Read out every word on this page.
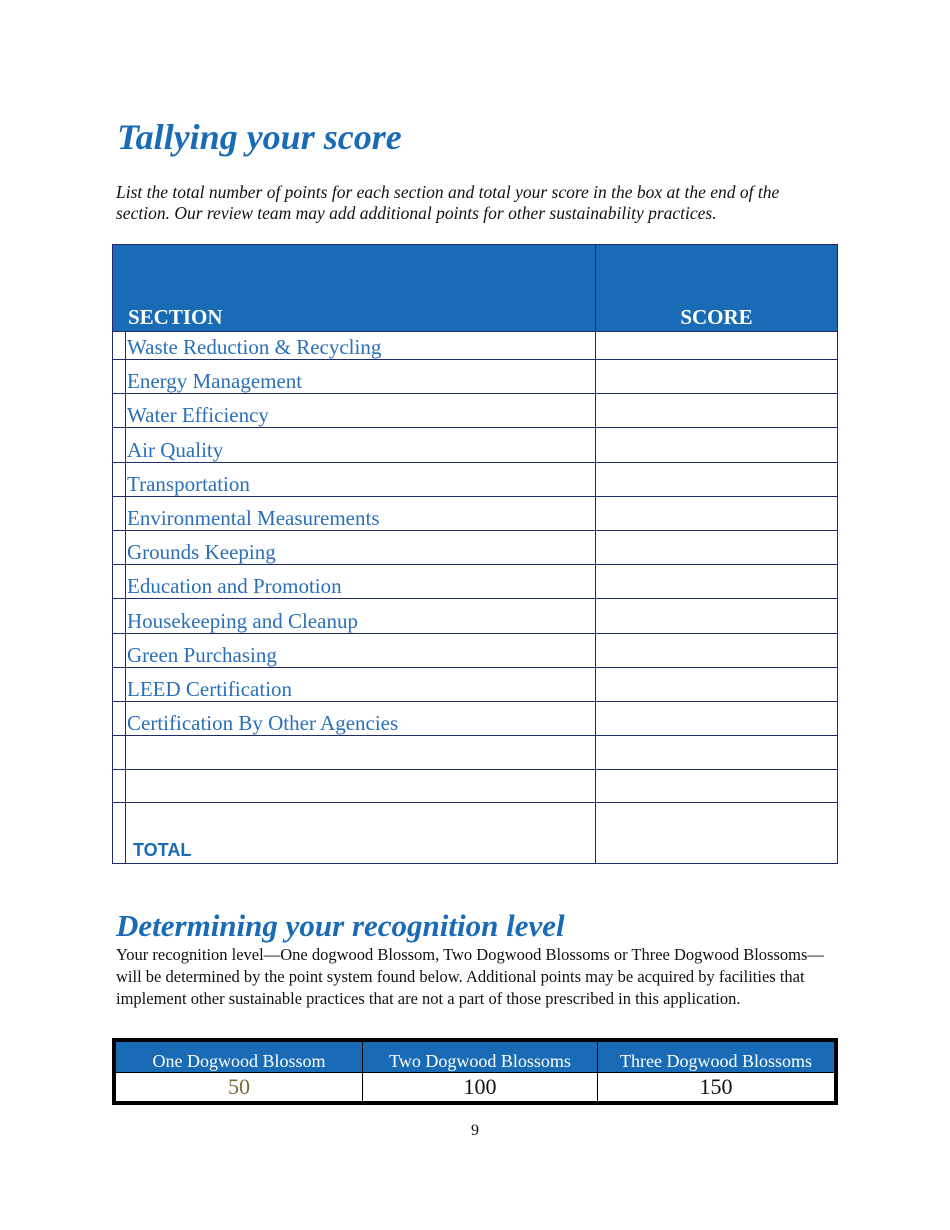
Tallying your score

List the total number of points for each section and total your score in the box at the end of the section. Our review team may add additional points for other sustainability practices.

SECTION	SCORE
Waste Reduction & Recycling
Energy Management
Water Efficiency
Air Quality
Transportation
Environmental Measurements
Grounds Keeping
Education and Promotion
Housekeeping and Cleanup
Green Purchasing
LEED Certification
Certification By Other Agencies
TOTAL
Determining your recognition level

Your recognition level—One dogwood Blossom, Two Dogwood Blossoms or Three Dogwood Blossoms—will be determined by the point system found below. Additional points may be acquired by facilities that implement other sustainable practices that are not a part of those prescribed in this application.

One Dogwood Blossom
50
Two Dogwood Blossoms
100
Three Dogwood Blossoms
150
9
